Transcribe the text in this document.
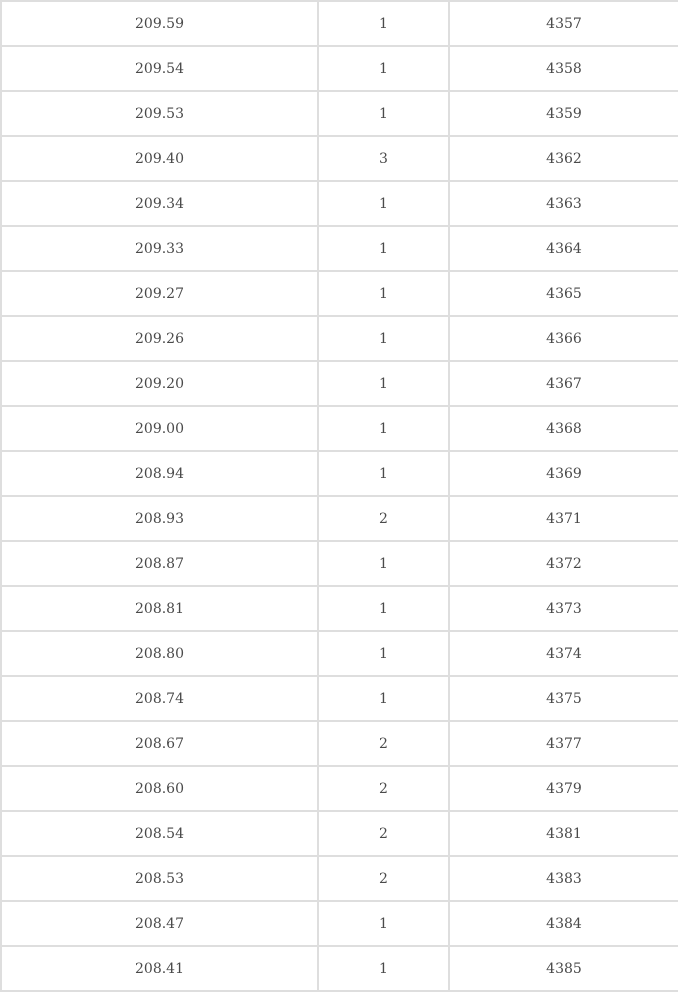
209.59	1	4357
209.54	1	4358
209.53	1	4359
209.40	3	4362
209.34	1	4363
209.33	1	4364
209.27	1	4365
209.26	1	4366
209.20	1	4367
209.00	1	4368
208.94	1	4369
208.93	2	4371
208.87	1	4372
208.81	1	4373
208.80	1	4374
208.74	1	4375
208.67	2	4377
208.60	2	4379
208.54	2	4381
208.53	2	4383
208.47	1	4384
208.41	1	4385
